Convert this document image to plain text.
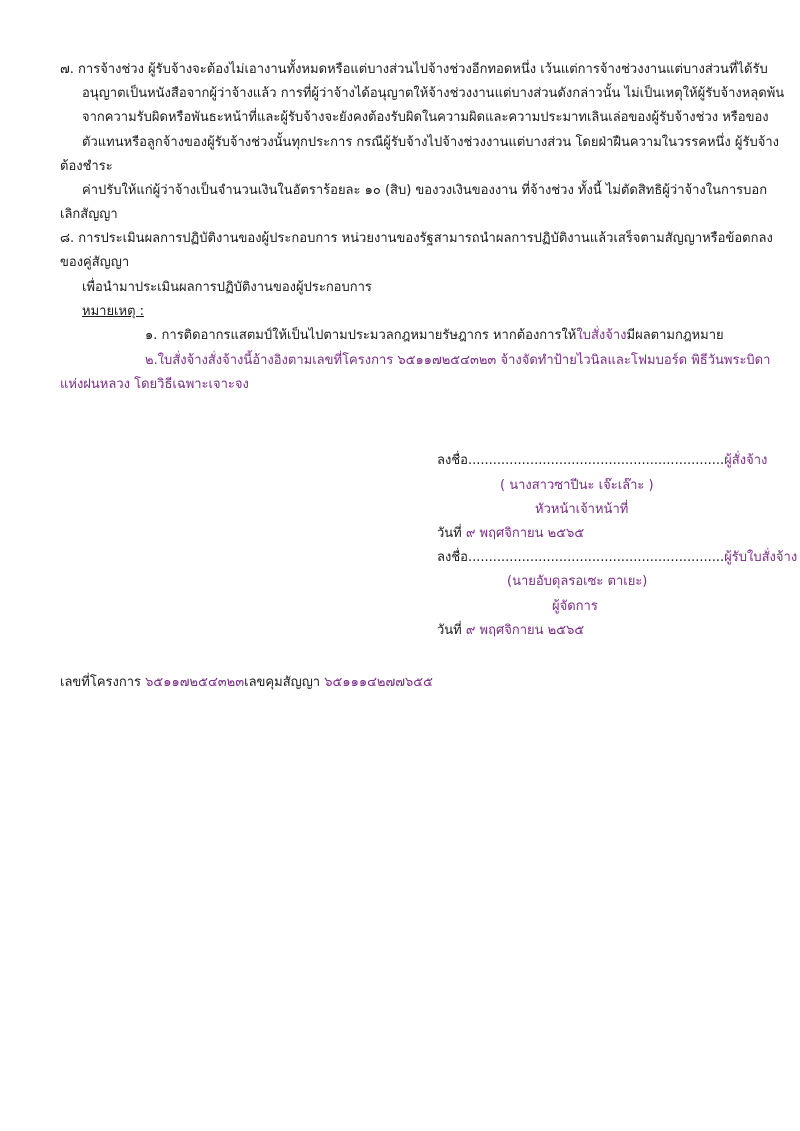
๗. การจ้างช่วง ผู้รับจ้างจะต้องไม่เอางานทั้งหมดหรือแต่บางส่วนไปจ้างช่วงอีกทอดหนึ่ง เว้นแต่การจ้างช่วงงานแต่บางส่วนที่ได้รับ
อนุญาตเป็นหนังสือจากผู้ว่าจ้างแล้ว การที่ผู้ว่าจ้างได้อนุญาตให้จ้างช่วงงานแต่บางส่วนดังกล่าวนั้น ไม่เป็นเหตุให้ผู้รับจ้างหลุดพ้น
จากความรับผิดหรือพันธะหน้าที่และผู้รับจ้างจะยังคงต้องรับผิดในความผิดและความประมาทเลินเล่อของผู้รับจ้างช่วง หรือของ
ตัวแทนหรือลูกจ้างของผู้รับจ้างช่วงนั้นทุกประการ กรณีผู้รับจ้างไปจ้างช่วงงานแต่บางส่วน โดยฝ่าฝืนความในวรรคหนึ่ง ผู้รับจ้าง
ต้องชำระ
ค่าปรับให้แก่ผู้ว่าจ้างเป็นจำนวนเงินในอัตราร้อยละ ๑๐ (สิบ) ของวงเงินของงาน ที่จ้างช่วง ทั้งนี้ ไม่ตัดสิทธิผู้ว่าจ้างในการบอก
เลิกสัญญา
๘. การประเมินผลการปฏิบัติงานของผู้ประกอบการ หน่วยงานของรัฐสามารถนำผลการปฏิบัติงานแล้วเสร็จตามสัญญาหรือข้อตกลง
ของคู่สัญญา
เพื่อนำมาประเมินผลการปฏิบัติงานของผู้ประกอบการ
หมายเหตุ :
๑. การติดอากรแสตมป์ให้เป็นไปตามประมวลกฎหมายรัษฎากร หากต้องการให้ใบสั่งจ้างมีผลตามกฎหมาย
๒.ใบสั่งจ้างสั่งจ้างนี้อ้างอิงตามเลขที่โครงการ ๖๕๑๑๗๒๕๔๓๒๓ จ้างจัดทำป้ายไวนิลและโฟมบอร์ด พิธีวันพระบิดา
แห่งฝนหลวง โดยวิธีเฉพาะเจาะจง
ลงชื่อ..............................................................ผู้สั่งจ้าง
( นางสาวซาปีนะ เจ๊ะเล๊าะ )
หัวหน้าเจ้าหน้าที่
วันที่ ๙ พฤศจิกายน ๒๕๖๕
ลงชื่อ..............................................................ผู้รับใบสั่งจ้าง
(นายอับดุลรอเซะ ตาเยะ)
ผู้จัดการ
วันที่ ๙ พฤศจิกายน ๒๕๖๕
เลขที่โครงการ ๖๕๑๑๗๒๕๔๓๒๓เลขคุมสัญญา ๖๕๑๑๑๔๒๗๗๖๕๕
